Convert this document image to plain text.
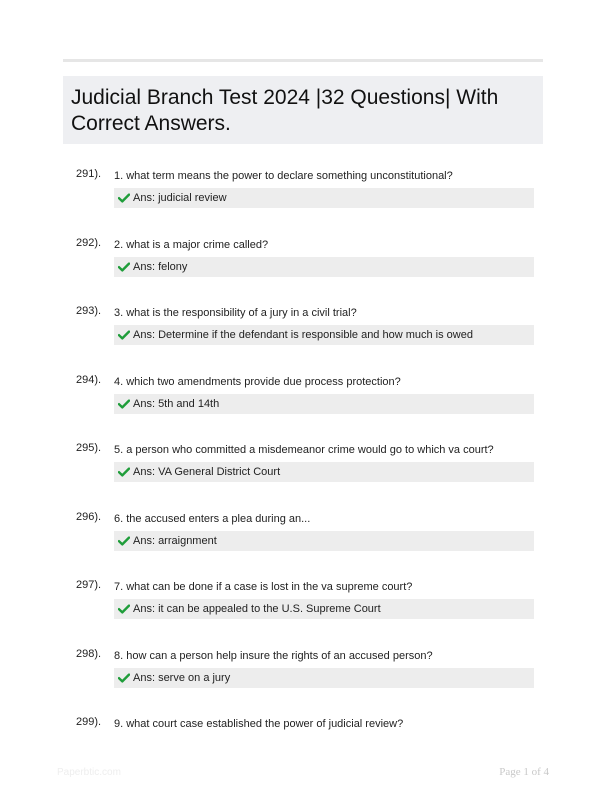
Judicial Branch Test 2024 |32 Questions| With Correct Answers.
291). 1. what term means the power to declare something unconstitutional?
Ans: judicial review
292). 2. what is a major crime called?
Ans: felony
293). 3. what is the responsibility of a jury in a civil trial?
Ans: Determine if the defendant is responsible and how much is owed
294). 4. which two amendments provide due process protection?
Ans: 5th and 14th
295). 5. a person who committed a misdemeanor crime would go to which va court?
Ans: VA General District Court
296). 6. the accused enters a plea during an...
Ans: arraignment
297). 7. what can be done if a case is lost in the va supreme court?
Ans: it can be appealed to the U.S. Supreme Court
298). 8. how can a person help insure the rights of an accused person?
Ans: serve on a jury
299). 9. what court case established the power of judicial review?
Paperbtic.com	Page 1 of 4
